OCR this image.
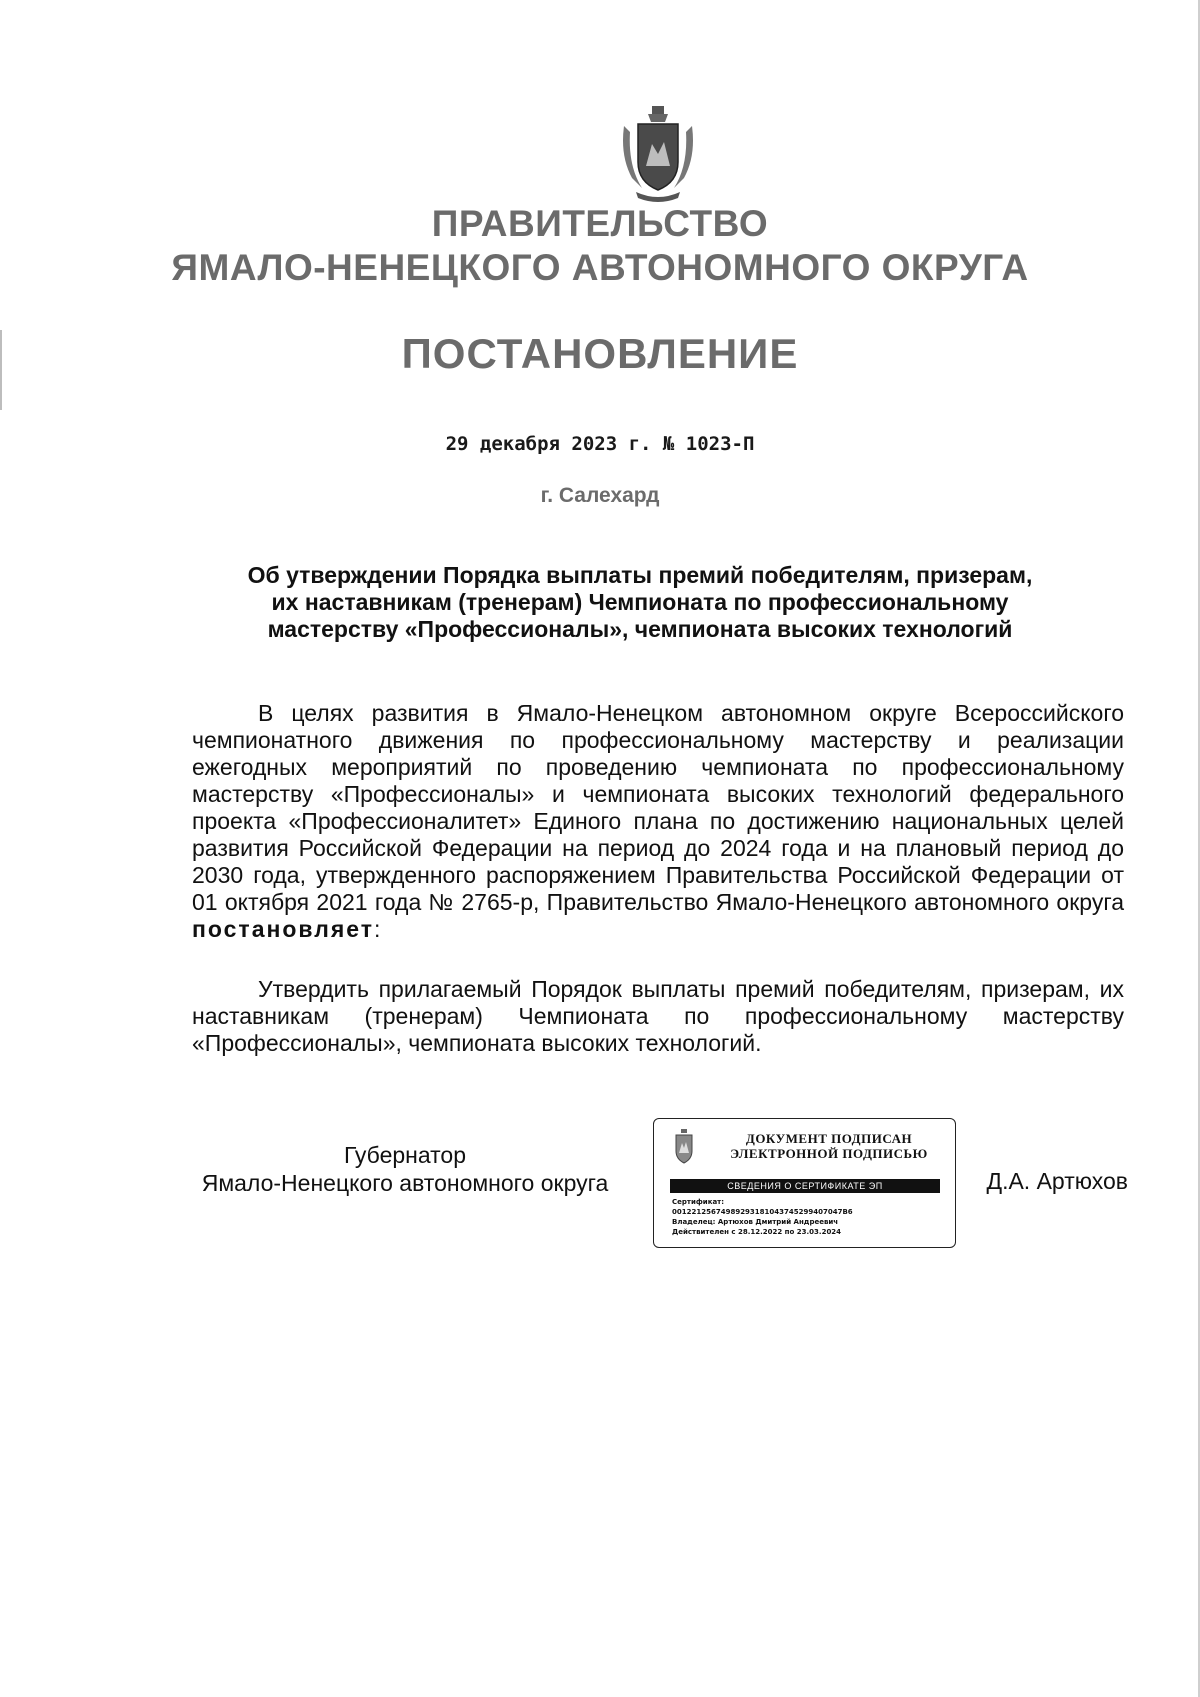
ПРАВИТЕЛЬСТВО
ЯМАЛО-НЕНЕЦКОГО АВТОНОМНОГО ОКРУГА
ПОСТАНОВЛЕНИЕ
29 декабря 2023 г. № 1023-П
г. Салехард
Об утверждении Порядка выплаты премий победителям, призерам,
их наставникам (тренерам) Чемпионата по профессиональному
мастерству «Профессионалы», чемпионата высоких технологий
В целях развития в Ямало-Ненецком автономном округе Всероссийского чемпионатного движения по профессиональному мастерству и реализации ежегодных мероприятий по проведению чемпионата по профессиональному мастерству «Профессионалы» и чемпионата высоких технологий федерального проекта «Профессионалитет» Единого плана по достижению национальных целей развития Российской Федерации на период до 2024 года и на плановый период до 2030 года, утвержденного распоряжением Правительства Российской Федерации от 01 октября 2021 года № 2765-р, Правительство Ямало-Ненецкого автономного округа постановляет:
Утвердить прилагаемый Порядок выплаты премий победителям, призерам, их наставникам (тренерам) Чемпионата по профессиональному мастерству «Профессионалы», чемпионата высоких технологий.
Губернатор
Ямало-Ненецкого автономного округа
ДОКУМЕНТ ПОДПИСАН
ЭЛЕКТРОННОЙ ПОДПИСЬЮ
СВЕДЕНИЯ О СЕРТИФИКАТЕ ЭП
Сертификат:
00122125674989293181043745299407047B6
Владелец: Артюхов Дмитрий Андреевич
Действителен с 28.12.2022 по 23.03.2024
Д.А. Артюхов
